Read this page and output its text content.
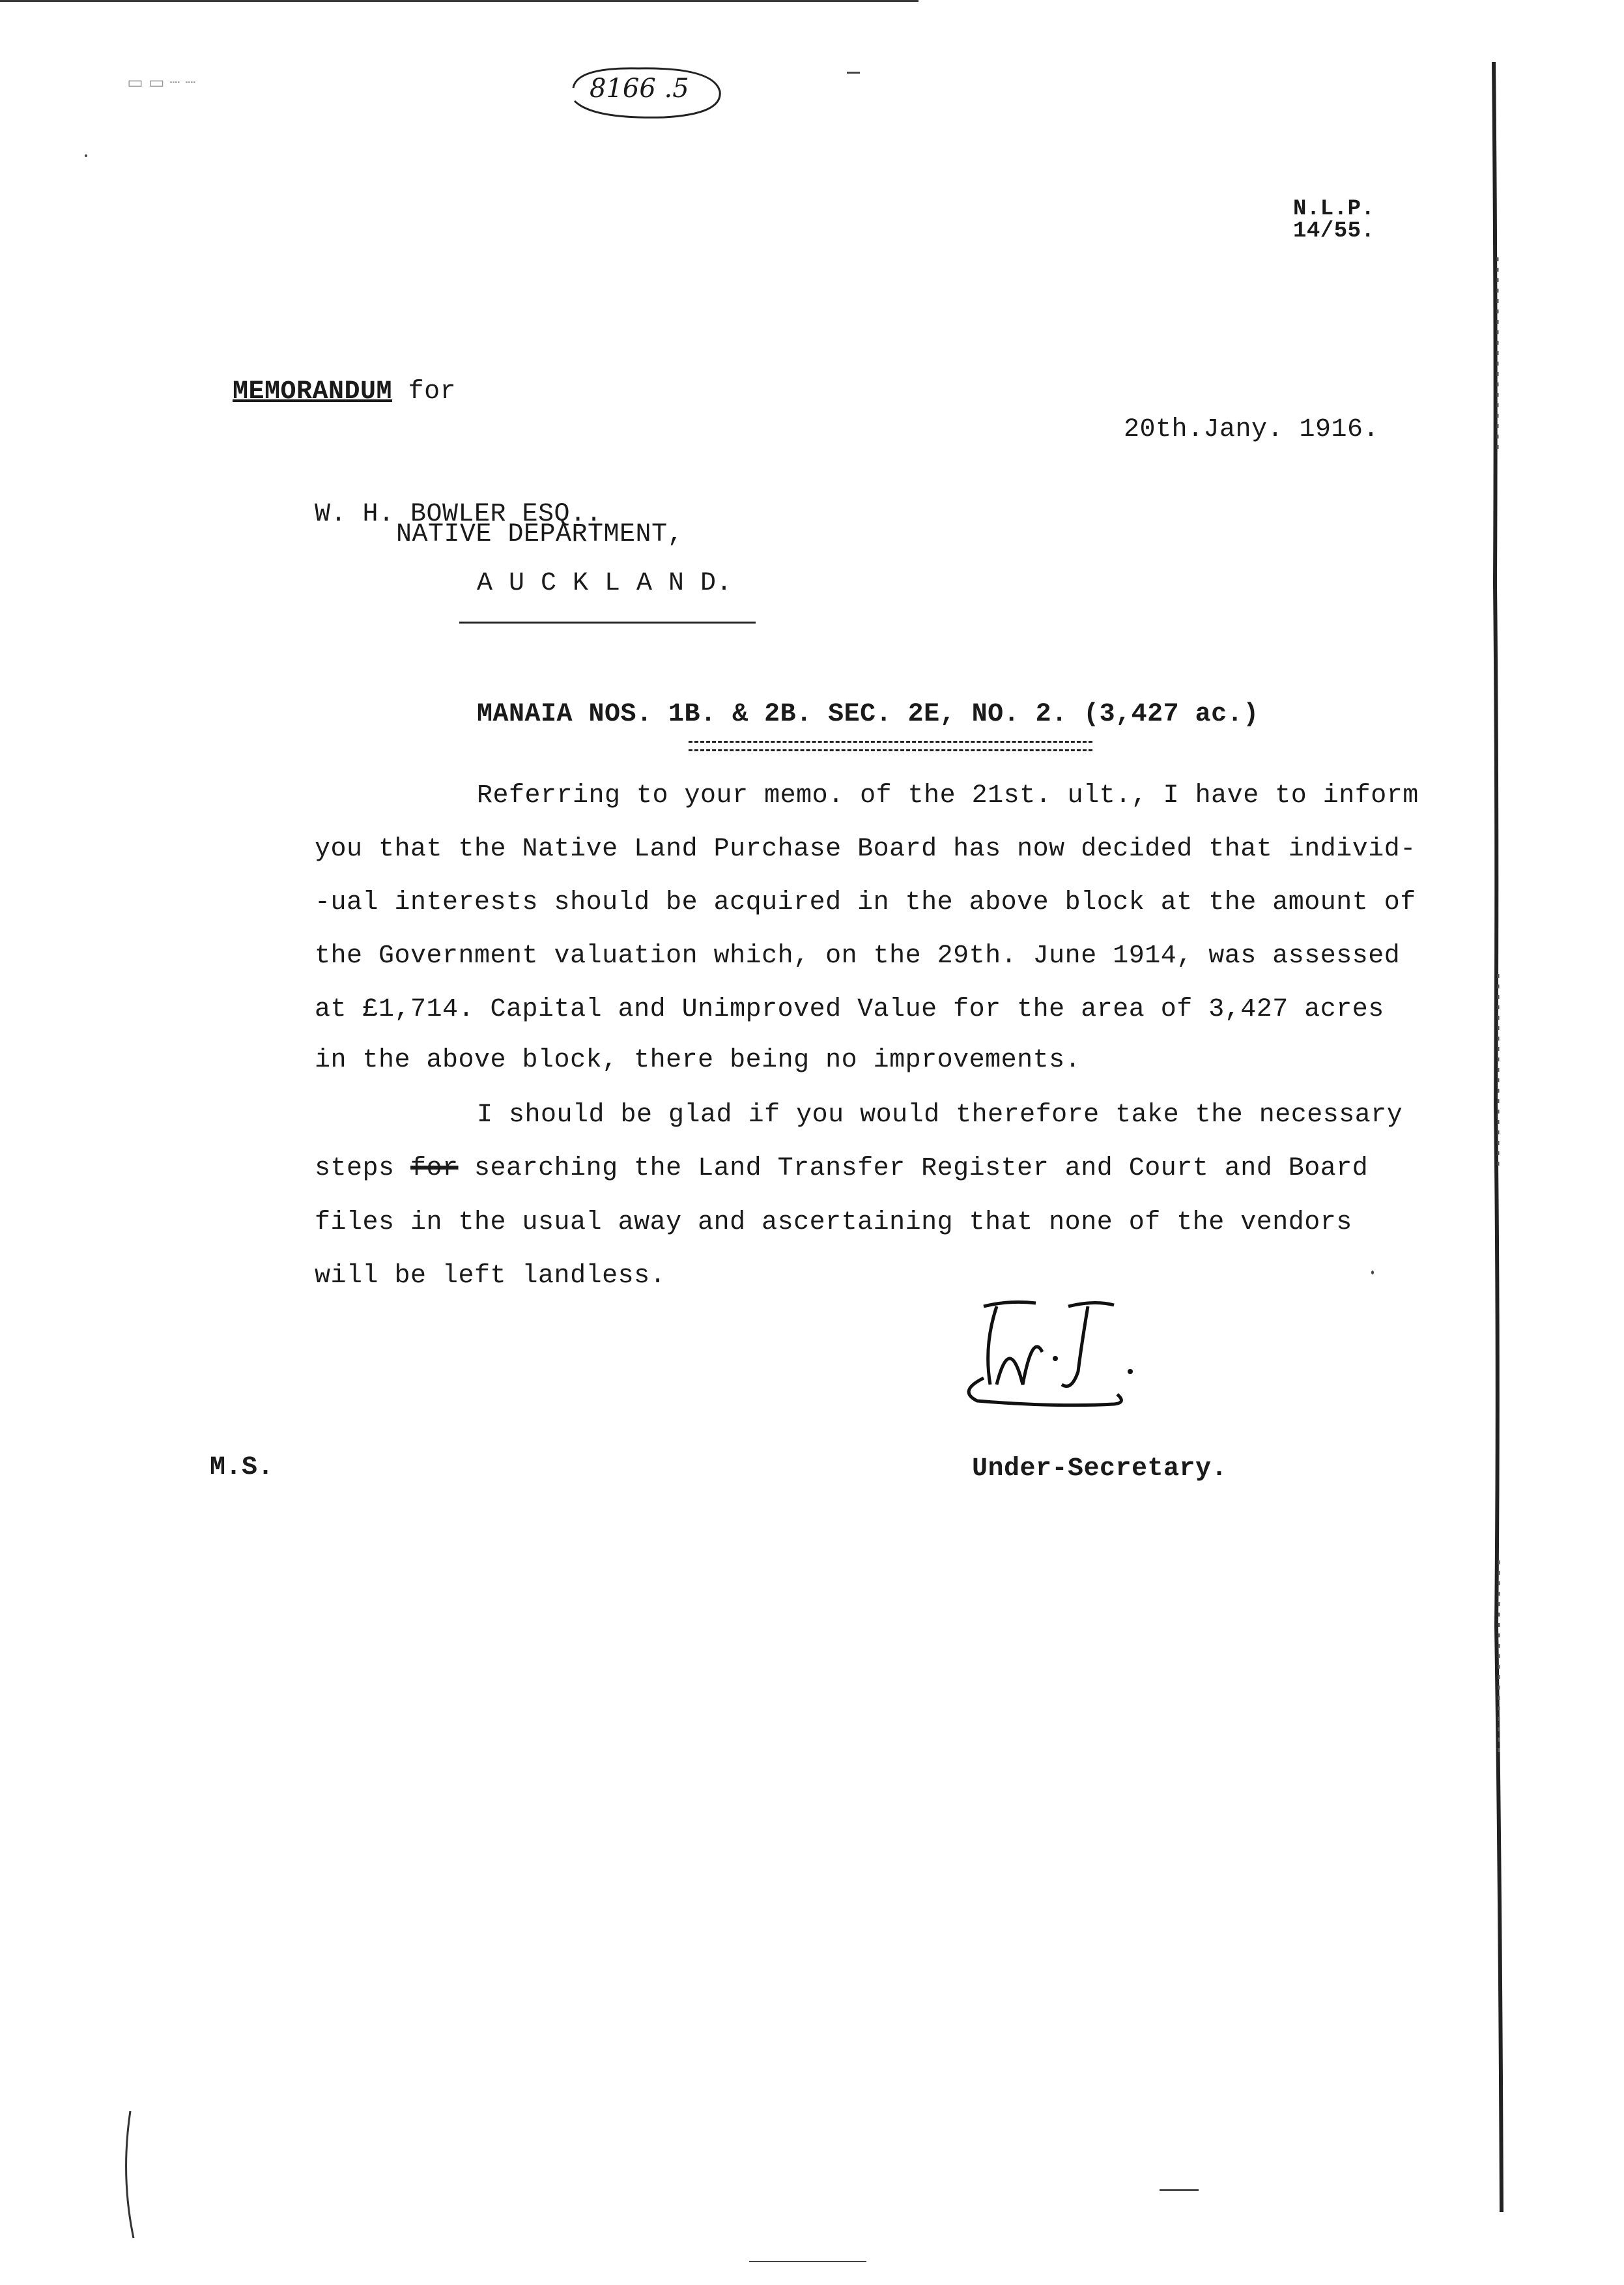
▭ ▭ ┈ ┈	8166 .5
N.L.P.
14/55.
MEMORANDUM for
20th.Jany. 1916.
W. H. BOWLER ESQ..
NATIVE DEPARTMENT,
A U C K L A N D.
MANAIA NOS. 1B. & 2B. SEC. 2E, NO. 2. (3,427 ac.)
Referring to your memo. of the 21st. ult., I have to inform
you that the Native Land Purchase Board has now decided that individ-
-ual interests should be acquired in the above block at the amount of
the Government valuation which, on the 29th. June 1914, was assessed
at £1,714. Capital and Unimproved Value for the area of 3,427 acres
in the above block, there being no improvements.
I should be glad if you would therefore take the necessary
steps for searching the Land Transfer Register and Court and Board
files in the usual away and ascertaining that none of the vendors
will be left landless.
M.S.	Under-Secretary.
